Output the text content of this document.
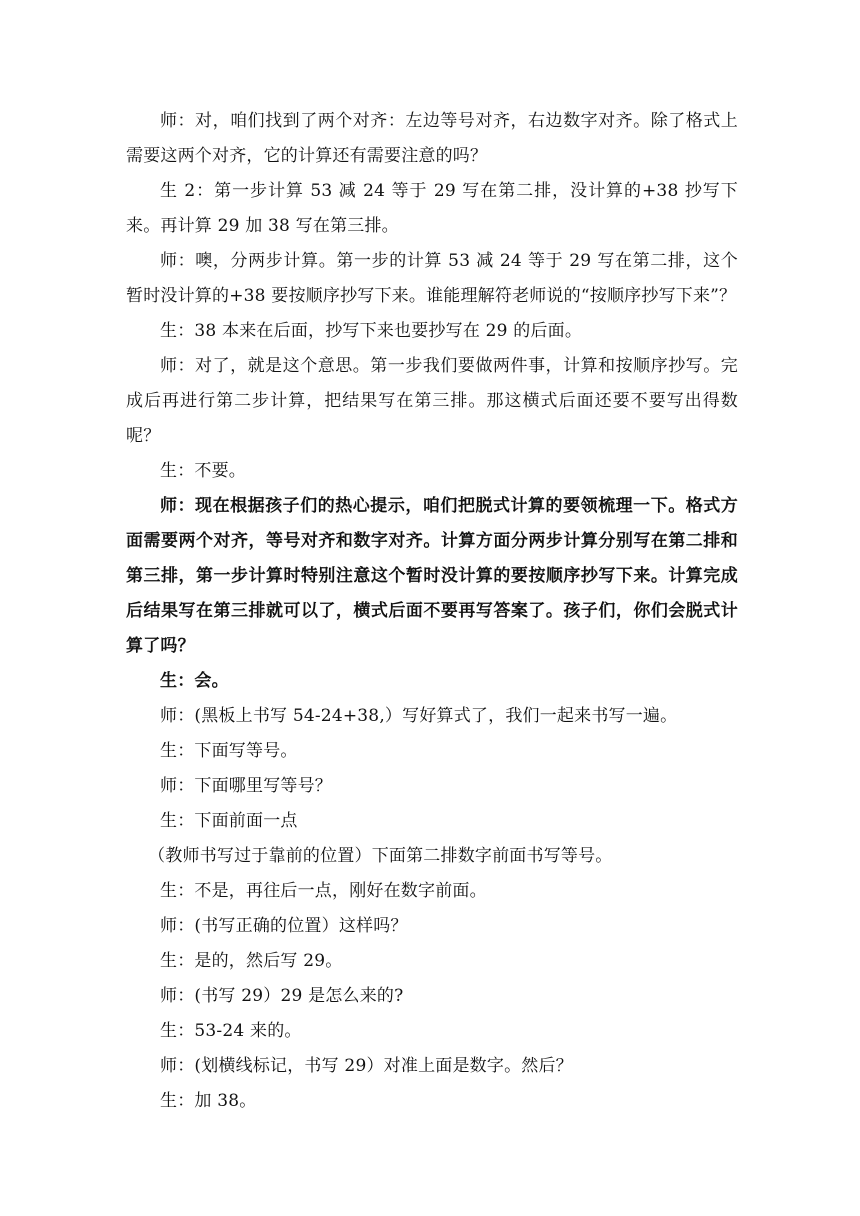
师：对，咱们找到了两个对齐：左边等号对齐，右边数字对齐。除了格式上需要这两个对齐，它的计算还有需要注意的吗？

生 2：第一步计算 53 减 24 等于 29 写在第二排，没计算的+38 抄写下来。再计算 29 加 38 写在第三排。

师：噢，分两步计算。第一步的计算 53 减 24 等于 29 写在第二排，这个暂时没计算的+38 要按顺序抄写下来。谁能理解符老师说的“按顺序抄写下来”？

生：38 本来在后面，抄写下来也要抄写在 29 的后面。

师：对了，就是这个意思。第一步我们要做两件事，计算和按顺序抄写。完成后再进行第二步计算，把结果写在第三排。那这横式后面还要不要写出得数呢？

生：不要。

师：现在根据孩子们的热心提示，咱们把脱式计算的要领梳理一下。格式方面需要两个对齐，等号对齐和数字对齐。计算方面分两步计算分别写在第二排和第三排，第一步计算时特别注意这个暂时没计算的要按顺序抄写下来。计算完成后结果写在第三排就可以了，横式后面不要再写答案了。孩子们，你们会脱式计算了吗？

生：会。

师：(黑板上书写 54-24+38,）写好算式了，我们一起来书写一遍。

生：下面写等号。

师：下面哪里写等号？

生：下面前面一点

（教师书写过于靠前的位置）下面第二排数字前面书写等号。

生：不是，再往后一点，刚好在数字前面。

师：(书写正确的位置）这样吗？

生：是的，然后写 29。

师：(书写 29）29 是怎么来的?

生：53-24 来的。

师：(划横线标记，书写 29）对准上面是数字。然后？

生：加 38。
